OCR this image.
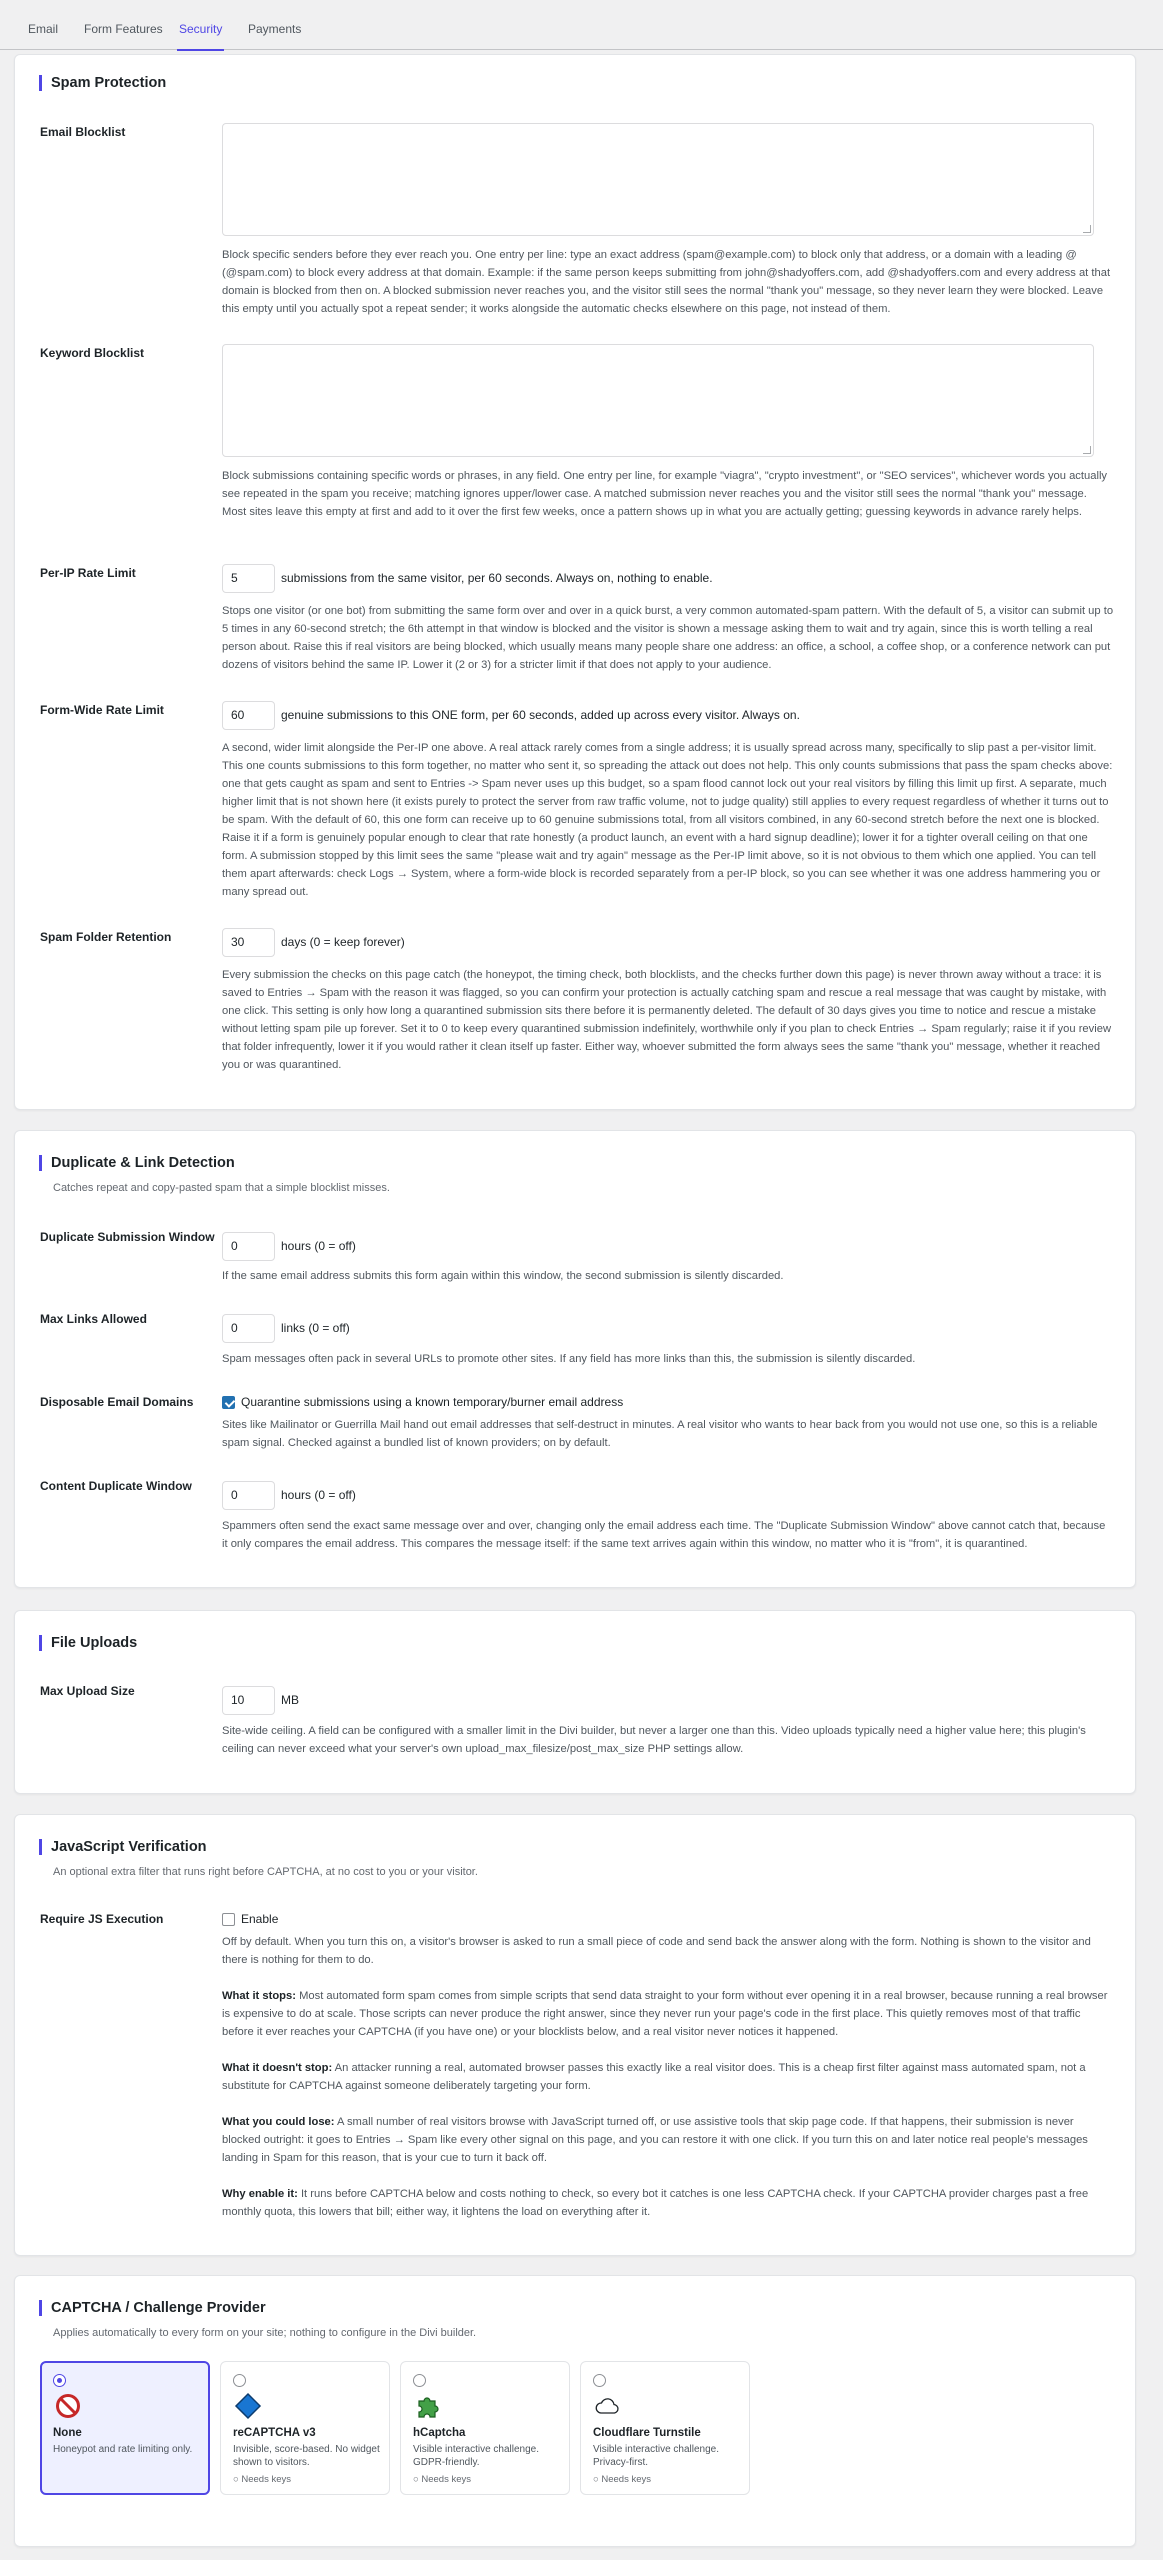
Email Form Features Security Payments
Spam Protection
Email Blocklist
Block specific senders before they ever reach you. One entry per line: type an exact address (spam@example.com) to block only that address, or a domain with a leading @ (@spam.com) to block every address at that domain. Example: if the same person keeps submitting from john@shadyoffers.com, add @shadyoffers.com and every address at that domain is blocked from then on. A blocked submission never reaches you, and the visitor still sees the normal "thank you" message, so they never learn they were blocked. Leave this empty until you actually spot a repeat sender; it works alongside the automatic checks elsewhere on this page, not instead of them.
Keyword Blocklist
Block submissions containing specific words or phrases, in any field. One entry per line, for example "viagra", "crypto investment", or "SEO services", whichever words you actually see repeated in the spam you receive; matching ignores upper/lower case. A matched submission never reaches you and the visitor still sees the normal "thank you" message. Most sites leave this empty at first and add to it over the first few weeks, once a pattern shows up in what you are actually getting; guessing keywords in advance rarely helps.
Per-IP Rate Limit	5	submissions from the same visitor, per 60 seconds. Always on, nothing to enable.
Stops one visitor (or one bot) from submitting the same form over and over in a quick burst, a very common automated-spam pattern. With the default of 5, a visitor can submit up to 5 times in any 60-second stretch; the 6th attempt in that window is blocked and the visitor is shown a message asking them to wait and try again, since this is worth telling a real person about. Raise this if real visitors are being blocked, which usually means many people share one address: an office, a school, a coffee shop, or a conference network can put dozens of visitors behind the same IP. Lower it (2 or 3) for a stricter limit if that does not apply to your audience.
Form-Wide Rate Limit	60	genuine submissions to this ONE form, per 60 seconds, added up across every visitor. Always on.
A second, wider limit alongside the Per-IP one above. A real attack rarely comes from a single address; it is usually spread across many, specifically to slip past a per-visitor limit. This one counts submissions to this form together, no matter who sent it, so spreading the attack out does not help. This only counts submissions that pass the spam checks above: one that gets caught as spam and sent to Entries -> Spam never uses up this budget, so a spam flood cannot lock out your real visitors by filling this limit up first. A separate, much higher limit that is not shown here (it exists purely to protect the server from raw traffic volume, not to judge quality) still applies to every request regardless of whether it turns out to be spam. With the default of 60, this one form can receive up to 60 genuine submissions total, from all visitors combined, in any 60-second stretch before the next one is blocked. Raise it if a form is genuinely popular enough to clear that rate honestly (a product launch, an event with a hard signup deadline); lower it for a tighter overall ceiling on that one form. A submission stopped by this limit sees the same "please wait and try again" message as the Per-IP limit above, so it is not obvious to them which one applied. You can tell them apart afterwards: check Logs → System, where a form-wide block is recorded separately from a per-IP block, so you can see whether it was one address hammering you or many spread out.
Spam Folder Retention	30	days (0 = keep forever)
Every submission the checks on this page catch (the honeypot, the timing check, both blocklists, and the checks further down this page) is never thrown away without a trace: it is saved to Entries → Spam with the reason it was flagged, so you can confirm your protection is actually catching spam and rescue a real message that was caught by mistake, with one click. This setting is only how long a quarantined submission sits there before it is permanently deleted. The default of 30 days gives you time to notice and rescue a mistake without letting spam pile up forever. Set it to 0 to keep every quarantined submission indefinitely, worthwhile only if you plan to check Entries → Spam regularly; raise it if you review that folder infrequently, lower it if you would rather it clean itself up faster. Either way, whoever submitted the form always sees the same "thank you" message, whether it reached you or was quarantined.
Duplicate & Link Detection
Catches repeat and copy-pasted spam that a simple blocklist misses.
Duplicate Submission Window
0	hours (0 = off)
If the same email address submits this form again within this window, the second submission is silently discarded.
Max Links Allowed
0	links (0 = off)
Spam messages often pack in several URLs to promote other sites. If any field has more links than this, the submission is silently discarded.
Disposable Email Domains	Quarantine submissions using a known temporary/burner email address
Sites like Mailinator or Guerrilla Mail hand out email addresses that self-destruct in minutes. A real visitor who wants to hear back from you would not use one, so this is a reliable spam signal. Checked against a bundled list of known providers; on by default.
Content Duplicate Window
0	hours (0 = off)
Spammers often send the exact same message over and over, changing only the email address each time. The "Duplicate Submission Window" above cannot catch that, because it only compares the email address. This compares the message itself: if the same text arrives again within this window, no matter who it is "from", it is quarantined.
File Uploads
Max Upload Size
10	MB
Site-wide ceiling. A field can be configured with a smaller limit in the Divi builder, but never a larger one than this. Video uploads typically need a higher value here; this plugin's ceiling can never exceed what your server's own upload_max_filesize/post_max_size PHP settings allow.
JavaScript Verification
An optional extra filter that runs right before CAPTCHA, at no cost to you or your visitor.
Require JS Execution	Enable
Off by default. When you turn this on, a visitor's browser is asked to run a small piece of code and send back the answer along with the form. Nothing is shown to the visitor and there is nothing for them to do.
What it stops: Most automated form spam comes from simple scripts that send data straight to your form without ever opening it in a real browser, because running a real browser is expensive to do at scale. Those scripts can never produce the right answer, since they never run your page's code in the first place. This quietly removes most of that traffic before it ever reaches your CAPTCHA (if you have one) or your blocklists below, and a real visitor never notices it happened.
What it doesn't stop: An attacker running a real, automated browser passes this exactly like a real visitor does. This is a cheap first filter against mass automated spam, not a substitute for CAPTCHA against someone deliberately targeting your form.
What you could lose: A small number of real visitors browse with JavaScript turned off, or use assistive tools that skip page code. If that happens, their submission is never blocked outright: it goes to Entries → Spam like every other signal on this page, and you can restore it with one click. If you turn this on and later notice real people's messages landing in Spam for this reason, that is your cue to turn it back off.
Why enable it: It runs before CAPTCHA below and costs nothing to check, so every bot it catches is one less CAPTCHA check. If your CAPTCHA provider charges past a free monthly quota, this lowers that bill; either way, it lightens the load on everything after it.
CAPTCHA / Challenge Provider
Applies automatically to every form on your site; nothing to configure in the Divi builder.
None
Honeypot and rate limiting only.
reCAPTCHA v3
Invisible, score-based. No widget shown to visitors.
○ Needs keys
hCaptcha
Visible interactive challenge. GDPR-friendly.
○ Needs keys
Cloudflare Turnstile
Visible interactive challenge. Privacy-first.
○ Needs keys
